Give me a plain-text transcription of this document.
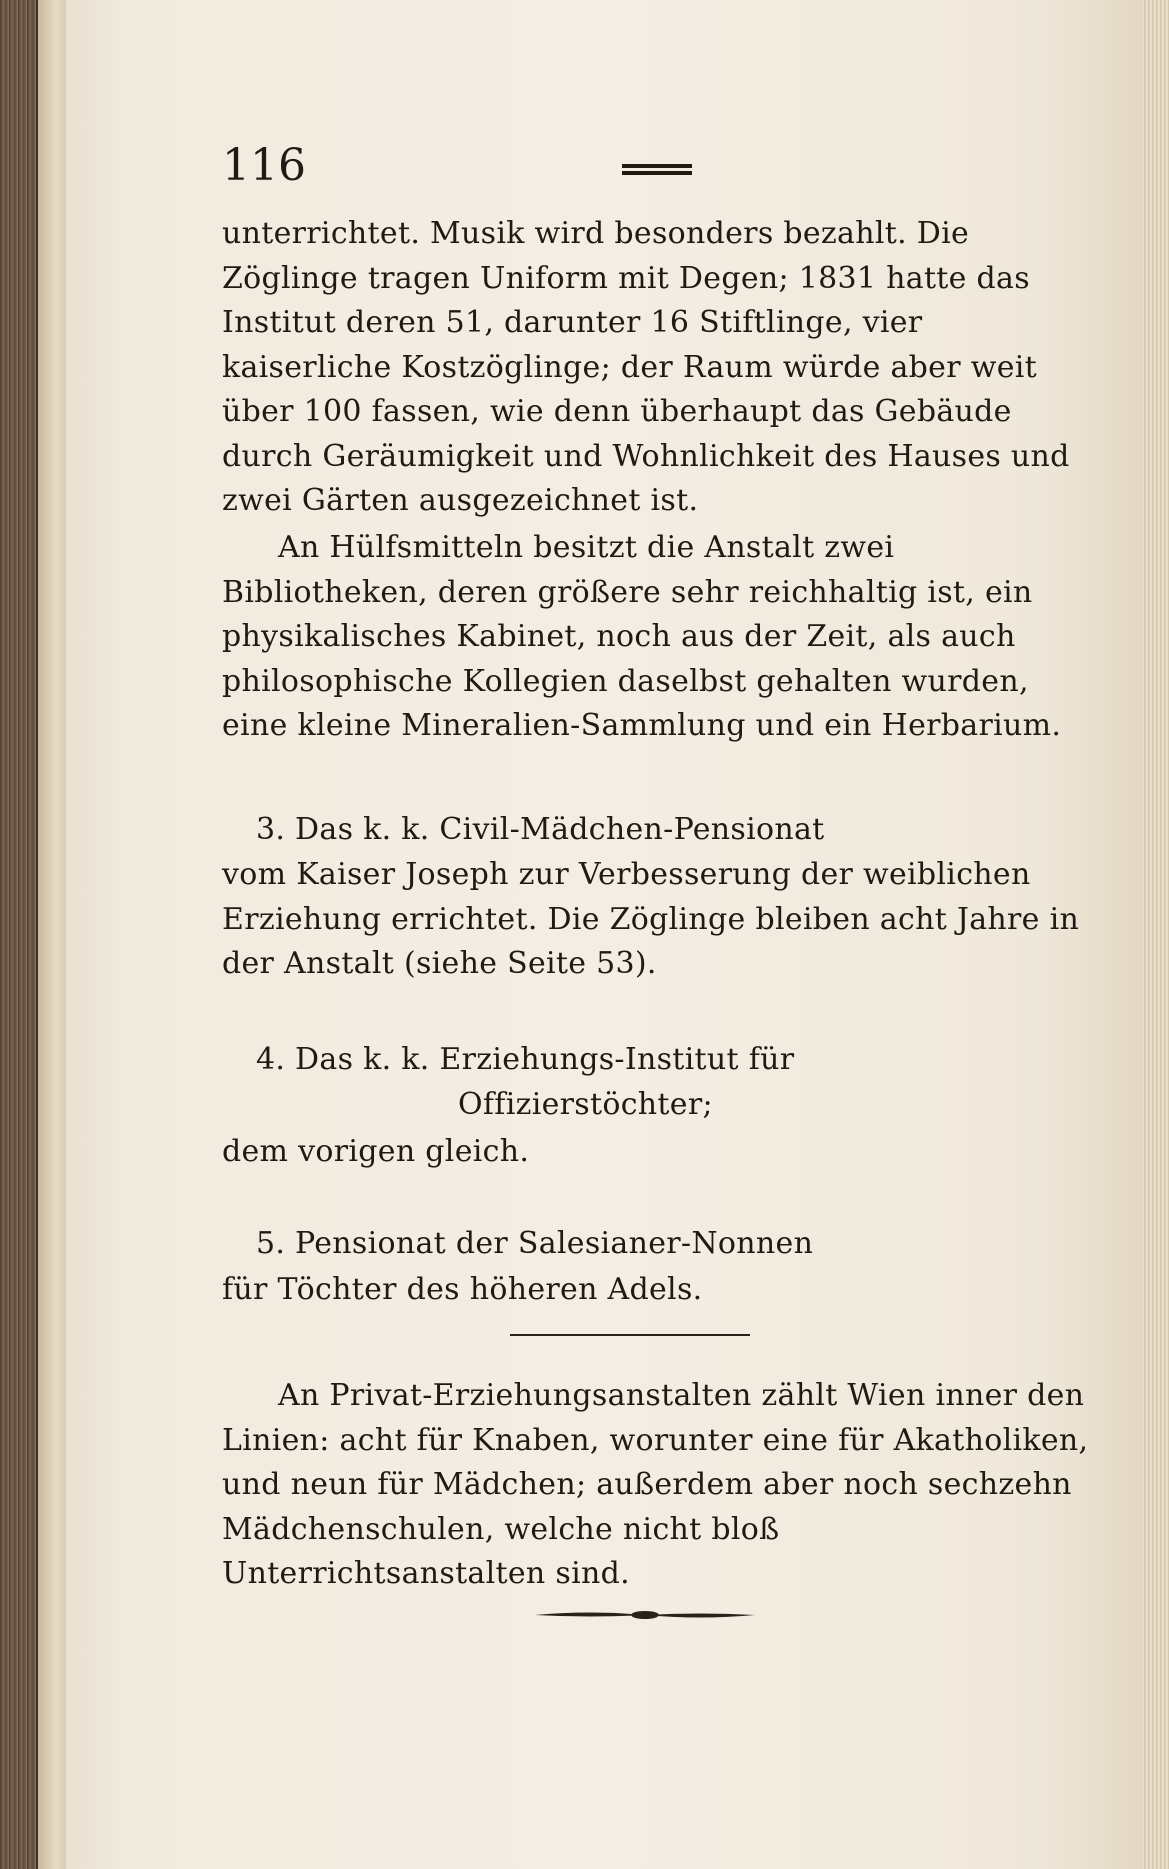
116
unterrichtet. Musik wird besonders bezahlt. Die Zöglinge tragen Uniform mit Degen; 1831 hatte das Institut deren 51, darunter 16 Stiftlinge, vier kaiserliche Kostzöglinge; der Raum würde aber weit über 100 fassen, wie denn überhaupt das Gebäude durch Geräumigkeit und Wohnlichkeit des Hauses und zwei Gärten ausgezeichnet ist.
An Hülfsmitteln besitzt die Anstalt zwei Bibliotheken, deren größere sehr reichhaltig ist, ein physikalisches Kabinet, noch aus der Zeit, als auch philosophische Kollegien daselbst gehalten wurden, eine kleine Mineralien-Sammlung und ein Herbarium.
3. Das k. k. Civil-Mädchen-Pensionat
vom Kaiser Joseph zur Verbesserung der weiblichen Erziehung errichtet. Die Zöglinge bleiben acht Jahre in der Anstalt (siehe Seite 53).
4. Das k. k. Erziehungs-Institut für
Offizierstöchter;
dem vorigen gleich.
5. Pensionat der Salesianer-Nonnen
für Töchter des höheren Adels.
An Privat-Erziehungsanstalten zählt Wien inner den Linien: acht für Knaben, worunter eine für Akatholiken, und neun für Mädchen; außerdem aber noch sechzehn Mädchenschulen, welche nicht bloß Unterrichtsanstalten sind.
